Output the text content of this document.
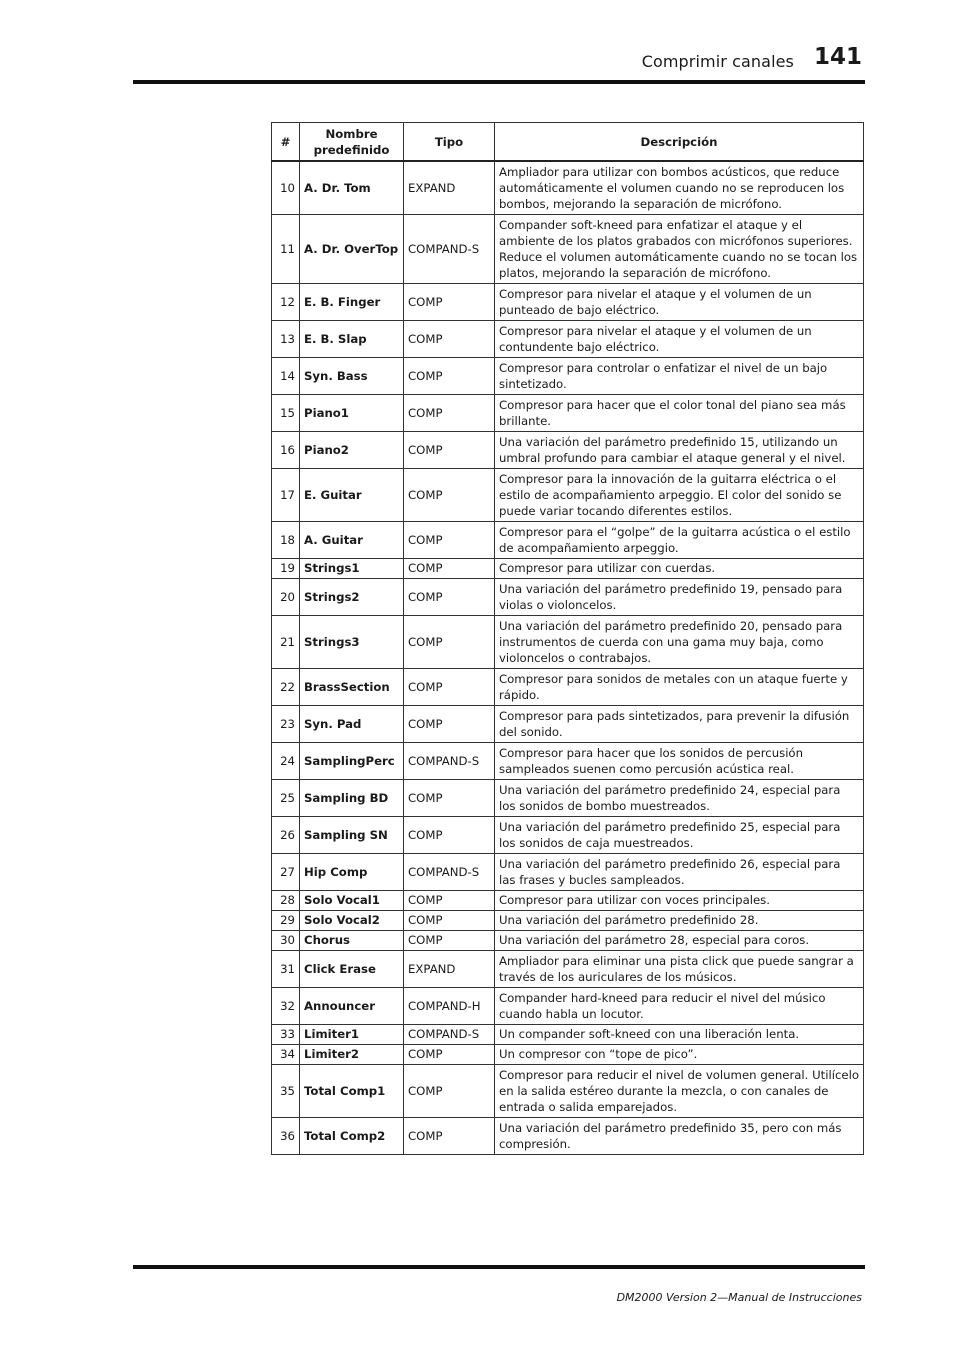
Comprimir canales 141
#	Nombre predefinido	Tipo	Descripción
10	A. Dr. Tom	EXPAND	Ampliador para utilizar con bombos acústicos, que reduce automáticamente el volumen cuando no se reproducen los bombos, mejorando la separación de micrófono.
11	A. Dr. OverTop	COMPAND-S	Compander soft-kneed para enfatizar el ataque y el ambiente de los platos grabados con micrófonos superiores. Reduce el volumen automáticamente cuando no se tocan los platos, mejorando la separación de micrófono.
12	E. B. Finger	COMP	Compresor para nivelar el ataque y el volumen de un punteado de bajo eléctrico.
13	E. B. Slap	COMP	Compresor para nivelar el ataque y el volumen de un contundente bajo eléctrico.
14	Syn. Bass	COMP	Compresor para controlar o enfatizar el nivel de un bajo sintetizado.
15	Piano1	COMP	Compresor para hacer que el color tonal del piano sea más brillante.
16	Piano2	COMP	Una variación del parámetro predefinido 15, utilizando un umbral profundo para cambiar el ataque general y el nivel.
17	E. Guitar	COMP	Compresor para la innovación de la guitarra eléctrica o el estilo de acompañamiento arpeggio. El color del sonido se puede variar tocando diferentes estilos.
18	A. Guitar	COMP	Compresor para el “golpe” de la guitarra acústica o el estilo de acompañamiento arpeggio.
19	Strings1	COMP	Compresor para utilizar con cuerdas.
20	Strings2	COMP	Una variación del parámetro predefinido 19, pensado para violas o violoncelos.
21	Strings3	COMP	Una variación del parámetro predefinido 20, pensado para instrumentos de cuerda con una gama muy baja, como violoncelos o contrabajos.
22	BrassSection	COMP	Compresor para sonidos de metales con un ataque fuerte y rápido.
23	Syn. Pad	COMP	Compresor para pads sintetizados, para prevenir la difusión del sonido.
24	SamplingPerc	COMPAND-S	Compresor para hacer que los sonidos de percusión sampleados suenen como percusión acústica real.
25	Sampling BD	COMP	Una variación del parámetro predefinido 24, especial para los sonidos de bombo muestreados.
26	Sampling SN	COMP	Una variación del parámetro predefinido 25, especial para los sonidos de caja muestreados.
27	Hip Comp	COMPAND-S	Una variación del parámetro predefinido 26, especial para las frases y bucles sampleados.
28	Solo Vocal1	COMP	Compresor para utilizar con voces principales.
29	Solo Vocal2	COMP	Una variación del parámetro predefinido 28.
30	Chorus	COMP	Una variación del parámetro 28, especial para coros.
31	Click Erase	EXPAND	Ampliador para eliminar una pista click que puede sangrar a través de los auriculares de los músicos.
32	Announcer	COMPAND-H	Compander hard-kneed para reducir el nivel del músico cuando habla un locutor.
33	Limiter1	COMPAND-S	Un compander soft-kneed con una liberación lenta.
34	Limiter2	COMP	Un compresor con “tope de pico”.
35	Total Comp1	COMP	Compresor para reducir el nivel de volumen general. Utilícelo en la salida estéreo durante la mezcla, o con canales de entrada o salida emparejados.
36	Total Comp2	COMP	Una variación del parámetro predefinido 35, pero con más compresión.
DM2000 Version 2—Manual de Instrucciones
